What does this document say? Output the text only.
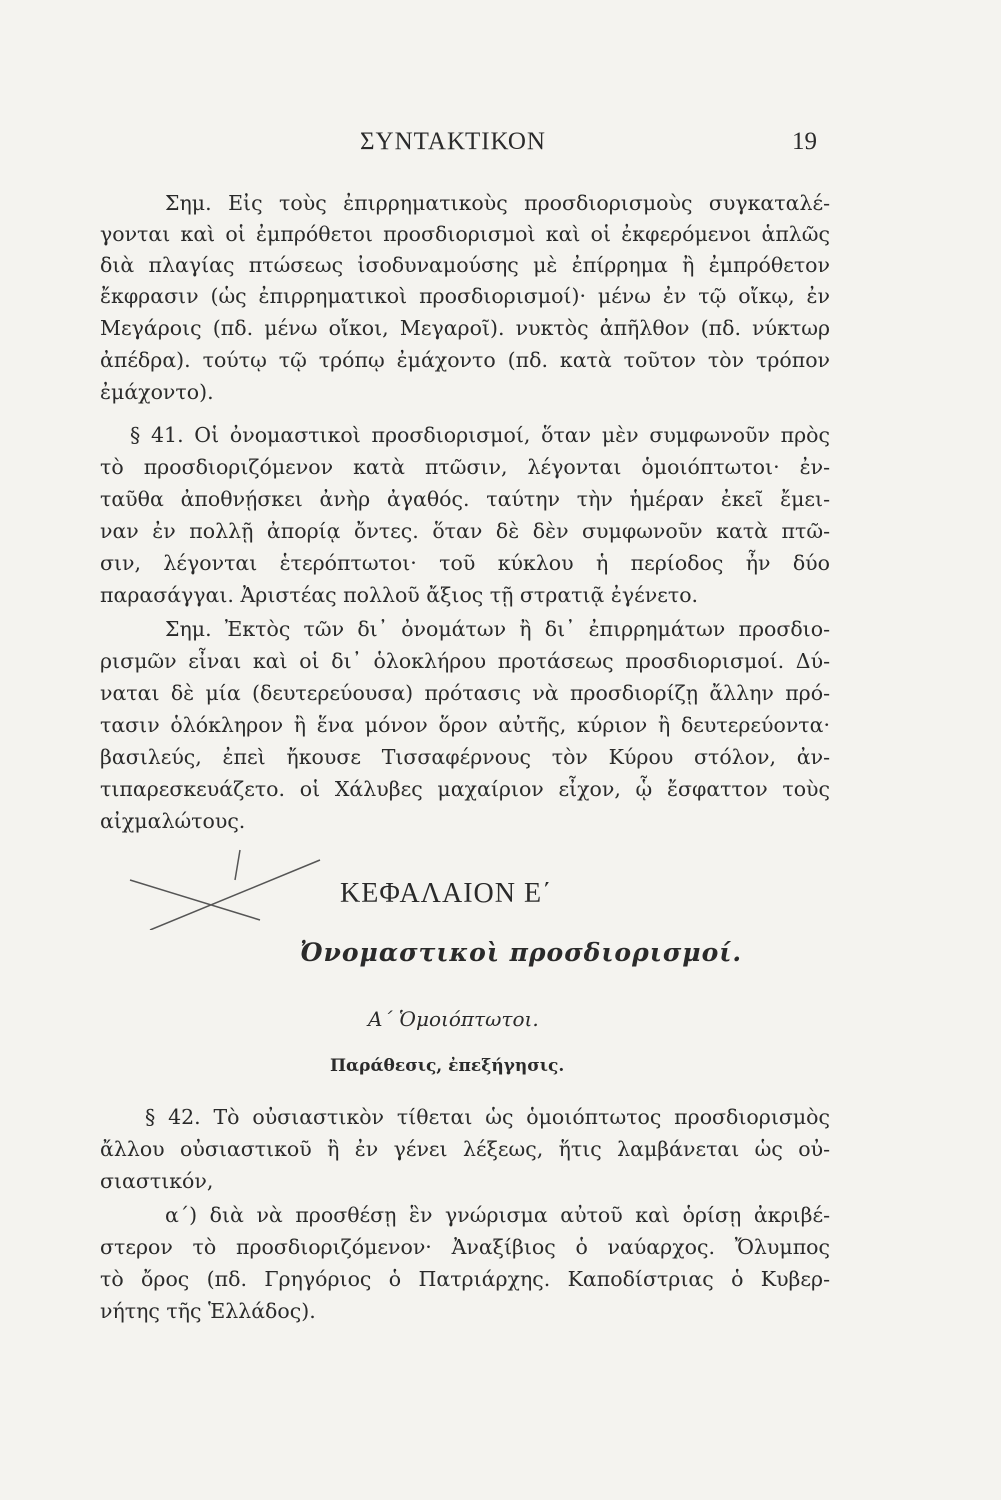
ΣΥΝΤΑΚΤΙΚΟΝ	19
Σημ. Εἰς τοὺς ἐπιρρηματικοὺς προσδιορισμοὺς συγκαταλέ-
γονται καὶ οἱ ἐμπρόθετοι προσδιορισμοὶ καὶ οἱ ἐκφερόμενοι ἁπλῶς
διὰ πλαγίας πτώσεως ἰσοδυναμούσης μὲ ἐπίρρημα ἢ ἐμπρόθετον
ἔκφρασιν (ὡς ἐπιρρηματικοὶ προσδιορισμοί)· μένω ἐν τῷ οἴκῳ, ἐν
Μεγάροις (πδ. μένω οἴκοι, Μεγαροῖ). νυκτὸς ἀπῆλθον (πδ. νύκτωρ
ἀπέδρα). τούτῳ τῷ τρόπῳ ἐμάχοντο (πδ. κατὰ τοῦτον τὸν τρόπον
ἐμάχοντο).
§ 41. Οἱ ὀνομαστικοὶ προσδιορισμοί, ὅταν μὲν συμφωνοῦν πρὸς
τὸ προσδιοριζόμενον κατὰ πτῶσιν, λέγονται ὁμοιόπτωτοι· ἐν-
ταῦθα ἀποθνῄσκει ἀνὴρ ἀγαθός. ταύτην τὴν ἡμέραν ἐκεῖ ἔμει-
ναν ἐν πολλῇ ἀπορίᾳ ὄντες. ὅταν δὲ δὲν συμφωνοῦν κατὰ πτῶ-
σιν, λέγονται ἑτερόπτωτοι· τοῦ κύκλου ἡ περίοδος ἦν δύο
παρασάγγαι. Ἀριστέας πολλοῦ ἄξιος τῇ στρατιᾷ ἐγένετο.
Σημ. Ἐκτὸς τῶν δι᾽ ὀνομάτων ἢ δι᾽ ἐπιρρημάτων προσδιο-
ρισμῶν εἶναι καὶ οἱ δι᾽ ὁλοκλήρου προτάσεως προσδιορισμοί. Δύ-
ναται δὲ μία (δευτερεύουσα) πρότασις νὰ προσδιορίζῃ ἄλλην πρό-
τασιν ὁλόκληρον ἢ ἕνα μόνον ὅρον αὐτῆς, κύριον ἢ δευτερεύοντα·
βασιλεύς, ἐπεὶ ἤκουσε Τισσαφέρνους τὸν Κύρου στόλον, ἀν-
τιπαρεσκευάζετο. οἱ Χάλυβες μαχαίριον εἶχον, ᾧ ἔσφαττον τοὺς
αἰχμαλώτους.
ΚΕΦΑΛΑΙΟΝ Ε΄
Ὀνομαστικοὶ προσδιορισμοί.
Α΄ Ὁμοιόπτωτοι.
Παράθεσις, ἐπεξήγησις.
§ 42. Τὸ οὐσιαστικὸν τίθεται ὡς ὁμοιόπτωτος προσδιορισμὸς
ἄλλου οὐσιαστικοῦ ἢ ἐν γένει λέξεως, ἥτις λαμβάνεται ὡς οὐ-
σιαστικόν,
α΄) διὰ νὰ προσθέσῃ ἓν γνώρισμα αὐτοῦ καὶ ὁρίσῃ ἀκριβέ-
στερον τὸ προσδιοριζόμενον· Ἀναξίβιος ὁ ναύαρχος. Ὄλυμπος
τὸ ὄρος (πδ. Γρηγόριος ὁ Πατριάρχης. Καποδίστριας ὁ Κυβερ-
νήτης τῆς Ἑλλάδος).
